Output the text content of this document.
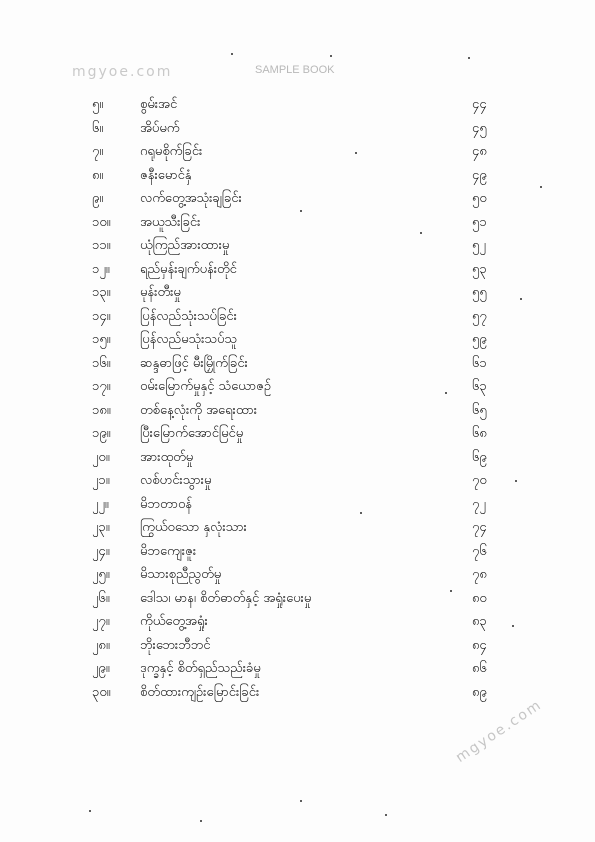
mgyoe.com	SAMPLE BOOK
mgyoe.com
၅။	စွမ်းအင်	၄၄
၆။	အိပ်မက်	၄၅
၇။	ဂရုမစိုက်ခြင်း	၄၈
၈။	ဇနီးမောင်နှံ	၄၉
၉။	လက်တွေ့အသုံးချခြင်း	၅၀
၁၀။ အယူသီးခြင်း	၅၁
၁၁။ ယုံကြည်အားထားမှု	၅၂
၁၂။ ရည်မှန်းချက်ပန်းတိုင်	၅၃
၁၃။ မုန်းတီးမှု	၅၅
၁၄။ ပြန်လည်သုံးသပ်ခြင်း	၅၇
၁၅။ ပြန်လည်မသုံးသပ်သူ	၅၉
၁၆။ ဆန္ဒဓာဖြင့် မီးမြှိုက်ခြင်း	၆၁
၁၇။ ဝမ်းမြောက်မှုနှင့် သံယောဇဉ်	၆၃
၁၈။ တစ်နေ့လုံးကို အရေးထား	၆၅
၁၉။ ပြီးမြောက်အောင်မြင်မှု	၆၈
၂၀။ အားထုတ်မှု	၆၉
၂၁။ လစ်ဟင်းသွားမှု	၇၀
၂၂။ မိဘတာဝန်	၇၂
၂၃။ ကြွယ်ဝသော နှလုံးသား	၇၄
၂၄။ မိဘကျေးဇူး	၇၆
၂၅။ မိသားစုညီညွတ်မှု	၇၈
၂၆။ ဒေါသ၊ မာန၊ စိတ်ဓာတ်နှင့် အရှုံးပေးမှု	၈၀
၂၇။ ကိုယ်တွေ့အရှုံး	၈၃
၂၈။ ဘိုးဘေးဘီဘင်	၈၄
၂၉။ ဒုက္ခနှင့် စိတ်ရှည်သည်းခံမှု	၈၆
၃၀။ စိတ်ထားကျဉ်းမြောင်းခြင်း	၈၉
